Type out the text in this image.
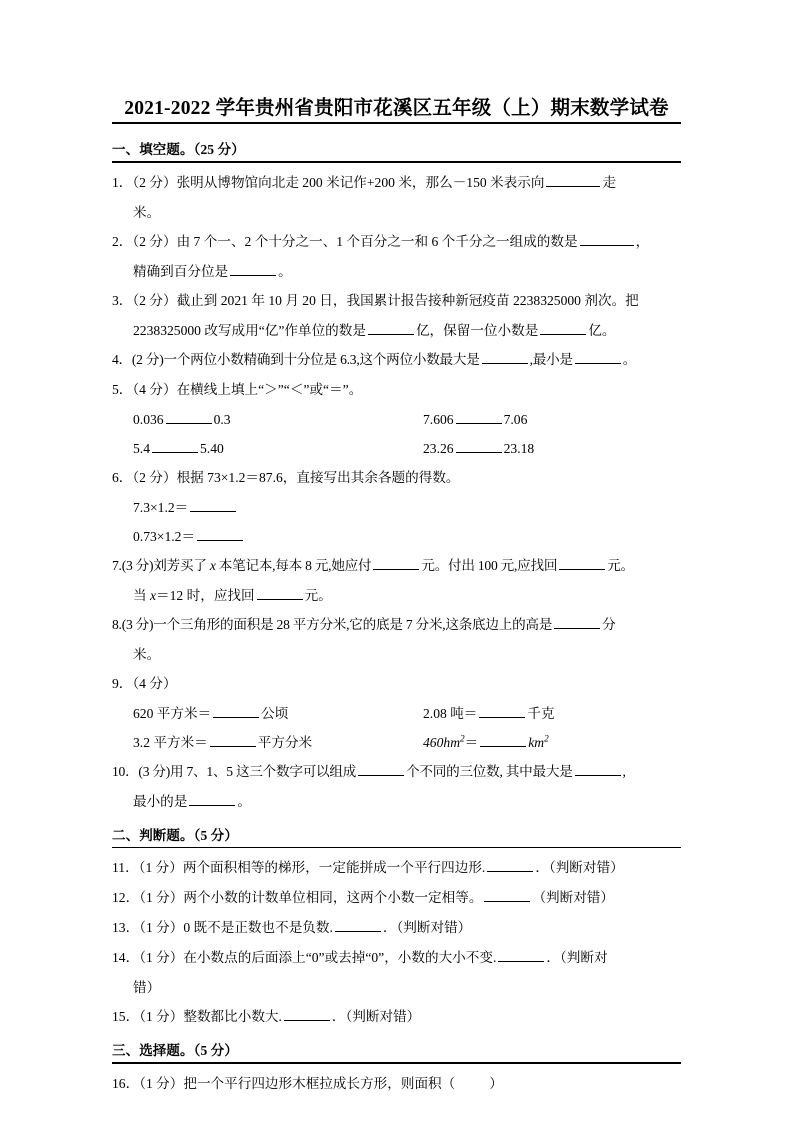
2021-2022 学年贵州省贵阳市花溪区五年级（上）期末数学试卷
一、填空题。（25 分）
1．（2 分）张明从博物馆向北走 200 米记作+200 米，那么－150 米表示向	走
米。
2．（2 分）由 7 个一、2 个十分之一、1 个百分之一和 6 个千分之一组成的数是	，
精确到百分位是	。
3．（2 分）截止到 2021 年 10 月 20 日，我国累计报告接种新冠疫苗 2238325000 剂次。把
2238325000 改写成用“亿”作单位的数是	亿，保留一位小数是	亿。
4．(2 分)一个两位小数精确到十分位是 6.3,这个两位小数最大是	,最小是	。
5．（4 分）在横线上填上“＞”“＜”或“＝”。
0.036	0.3	7.606	7.06
5.4	5.40	23.26	23.18
6．（2 分）根据 73×1.2＝87.6，直接写出其余各题的得数。
7.3×1.2＝
0.73×1.2＝
7.(3 分)刘芳买了 x 本笔记本,每本 8 元,她应付	元。付出 100 元,应找回	元。
当 x＝12 时，应找回	元。
8.(3 分)一个三角形的面积是 28 平方分米,它的底是 7 分米,这条底边上的高是	分
米。
9．（4 分）
620 平方米＝	公顷	2.08 吨＝	千克
3.2 平方米＝	平方分米	$460hm^2=$	$km^2$
10．(3 分)用 7、1、5 这三个数字可以组成	个不同的三位数, 其中最大是	,
最小的是	。
二、判断题。（5 分）
11．（1 分）两个面积相等的梯形，一定能拼成一个平行四边形.	．（判断对错）
12．（1 分）两个小数的计数单位相同，这两个小数一定相等。	（判断对错）
13．（1 分）0 既不是正数也不是负数.	．（判断对错）
14．（1 分）在小数点的后面添上“0”或去掉“0”，小数的大小不变.	．（判断对
错）
15．（1 分）整数都比小数大.	．（判断对错）
三、选择题。（5 分）
16．（1 分）把一个平行四边形木框拉成长方形，则面积（	）
